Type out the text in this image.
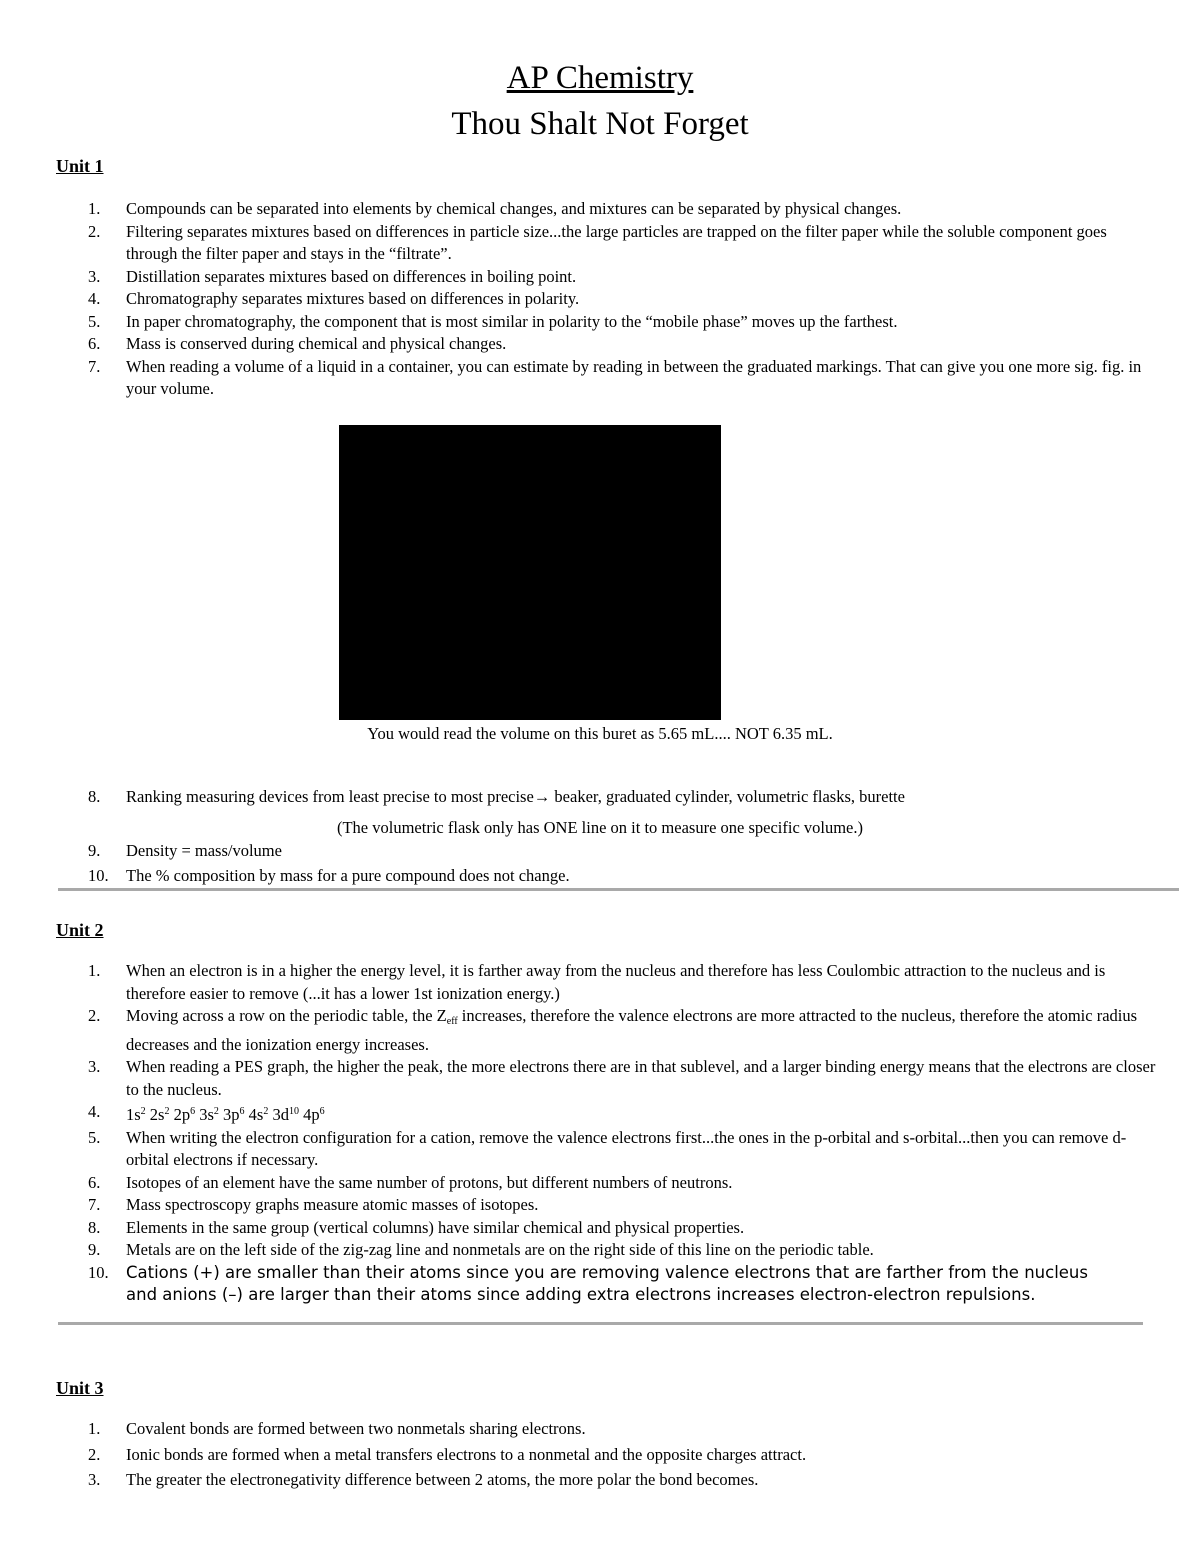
AP Chemistry
Thou Shalt Not Forget
Unit 1
1.	Compounds can be separated into elements by chemical changes, and mixtures can be separated by physical changes.
2.	Filtering separates mixtures based on differences in particle size...the large particles are trapped on the filter paper while the soluble component goes through the filter paper and stays in the “filtrate”.
3.	Distillation separates mixtures based on differences in boiling point.
4.	Chromatography separates mixtures based on differences in polarity.
5.	In paper chromatography, the component that is most similar in polarity to the “mobile phase” moves up the farthest.
6.	Mass is conserved during chemical and physical changes.
7.	When reading a volume of a liquid in a container, you can estimate by reading in between the graduated markings. That can give you one more sig. fig. in your volume.
You would read the volume on this buret as 5.65 mL.... NOT 6.35 mL.
8.	Ranking measuring devices from least precise to most precise→ beaker, graduated cylinder, volumetric flasks, burette
(The volumetric flask only has ONE line on it to measure one specific volume.)
9.	Density = mass/volume
10.	The % composition by mass for a pure compound does not change.
Unit 2
1.	When an electron is in a higher the energy level, it is farther away from the nucleus and therefore has less Coulombic attraction to the nucleus and is therefore easier to remove (...it has a lower 1st ionization energy.)
2.	Moving across a row on the periodic table, the $Z_{eff}$ increases, therefore the valence electrons are more attracted to the nucleus, therefore the atomic radius decreases and the ionization energy increases.
3.	When reading a PES graph, the higher the peak, the more electrons there are in that sublevel, and a larger binding energy means that the electrons are closer to the nucleus.
4.	$1s^2$ $2s^2$ $2p^6$ $3s^2$ $3p^6$ $4s^2$ $3d^{10}$ $4p^6$
5.	When writing the electron configuration for a cation, remove the valence electrons first...the ones in the p-orbital and s-orbital...then you can remove d-orbital electrons if necessary.
6.	Isotopes of an element have the same number of protons, but different numbers of neutrons.
7.	Mass spectroscopy graphs measure atomic masses of isotopes.
8.	Elements in the same group (vertical columns) have similar chemical and physical properties.
9.	Metals are on the left side of the zig-zag line and nonmetals are on the right side of this line on the periodic table.
10.	Cations (+) are smaller than their atoms since you are removing valence electrons that are farther from the nucleus and anions (–) are larger than their atoms since adding extra electrons increases electron-electron repulsions.
Unit 3
1.	Covalent bonds are formed between two nonmetals sharing electrons.
2.	Ionic bonds are formed when a metal transfers electrons to a nonmetal and the opposite charges attract.
3.	The greater the electronegativity difference between 2 atoms, the more polar the bond becomes.
